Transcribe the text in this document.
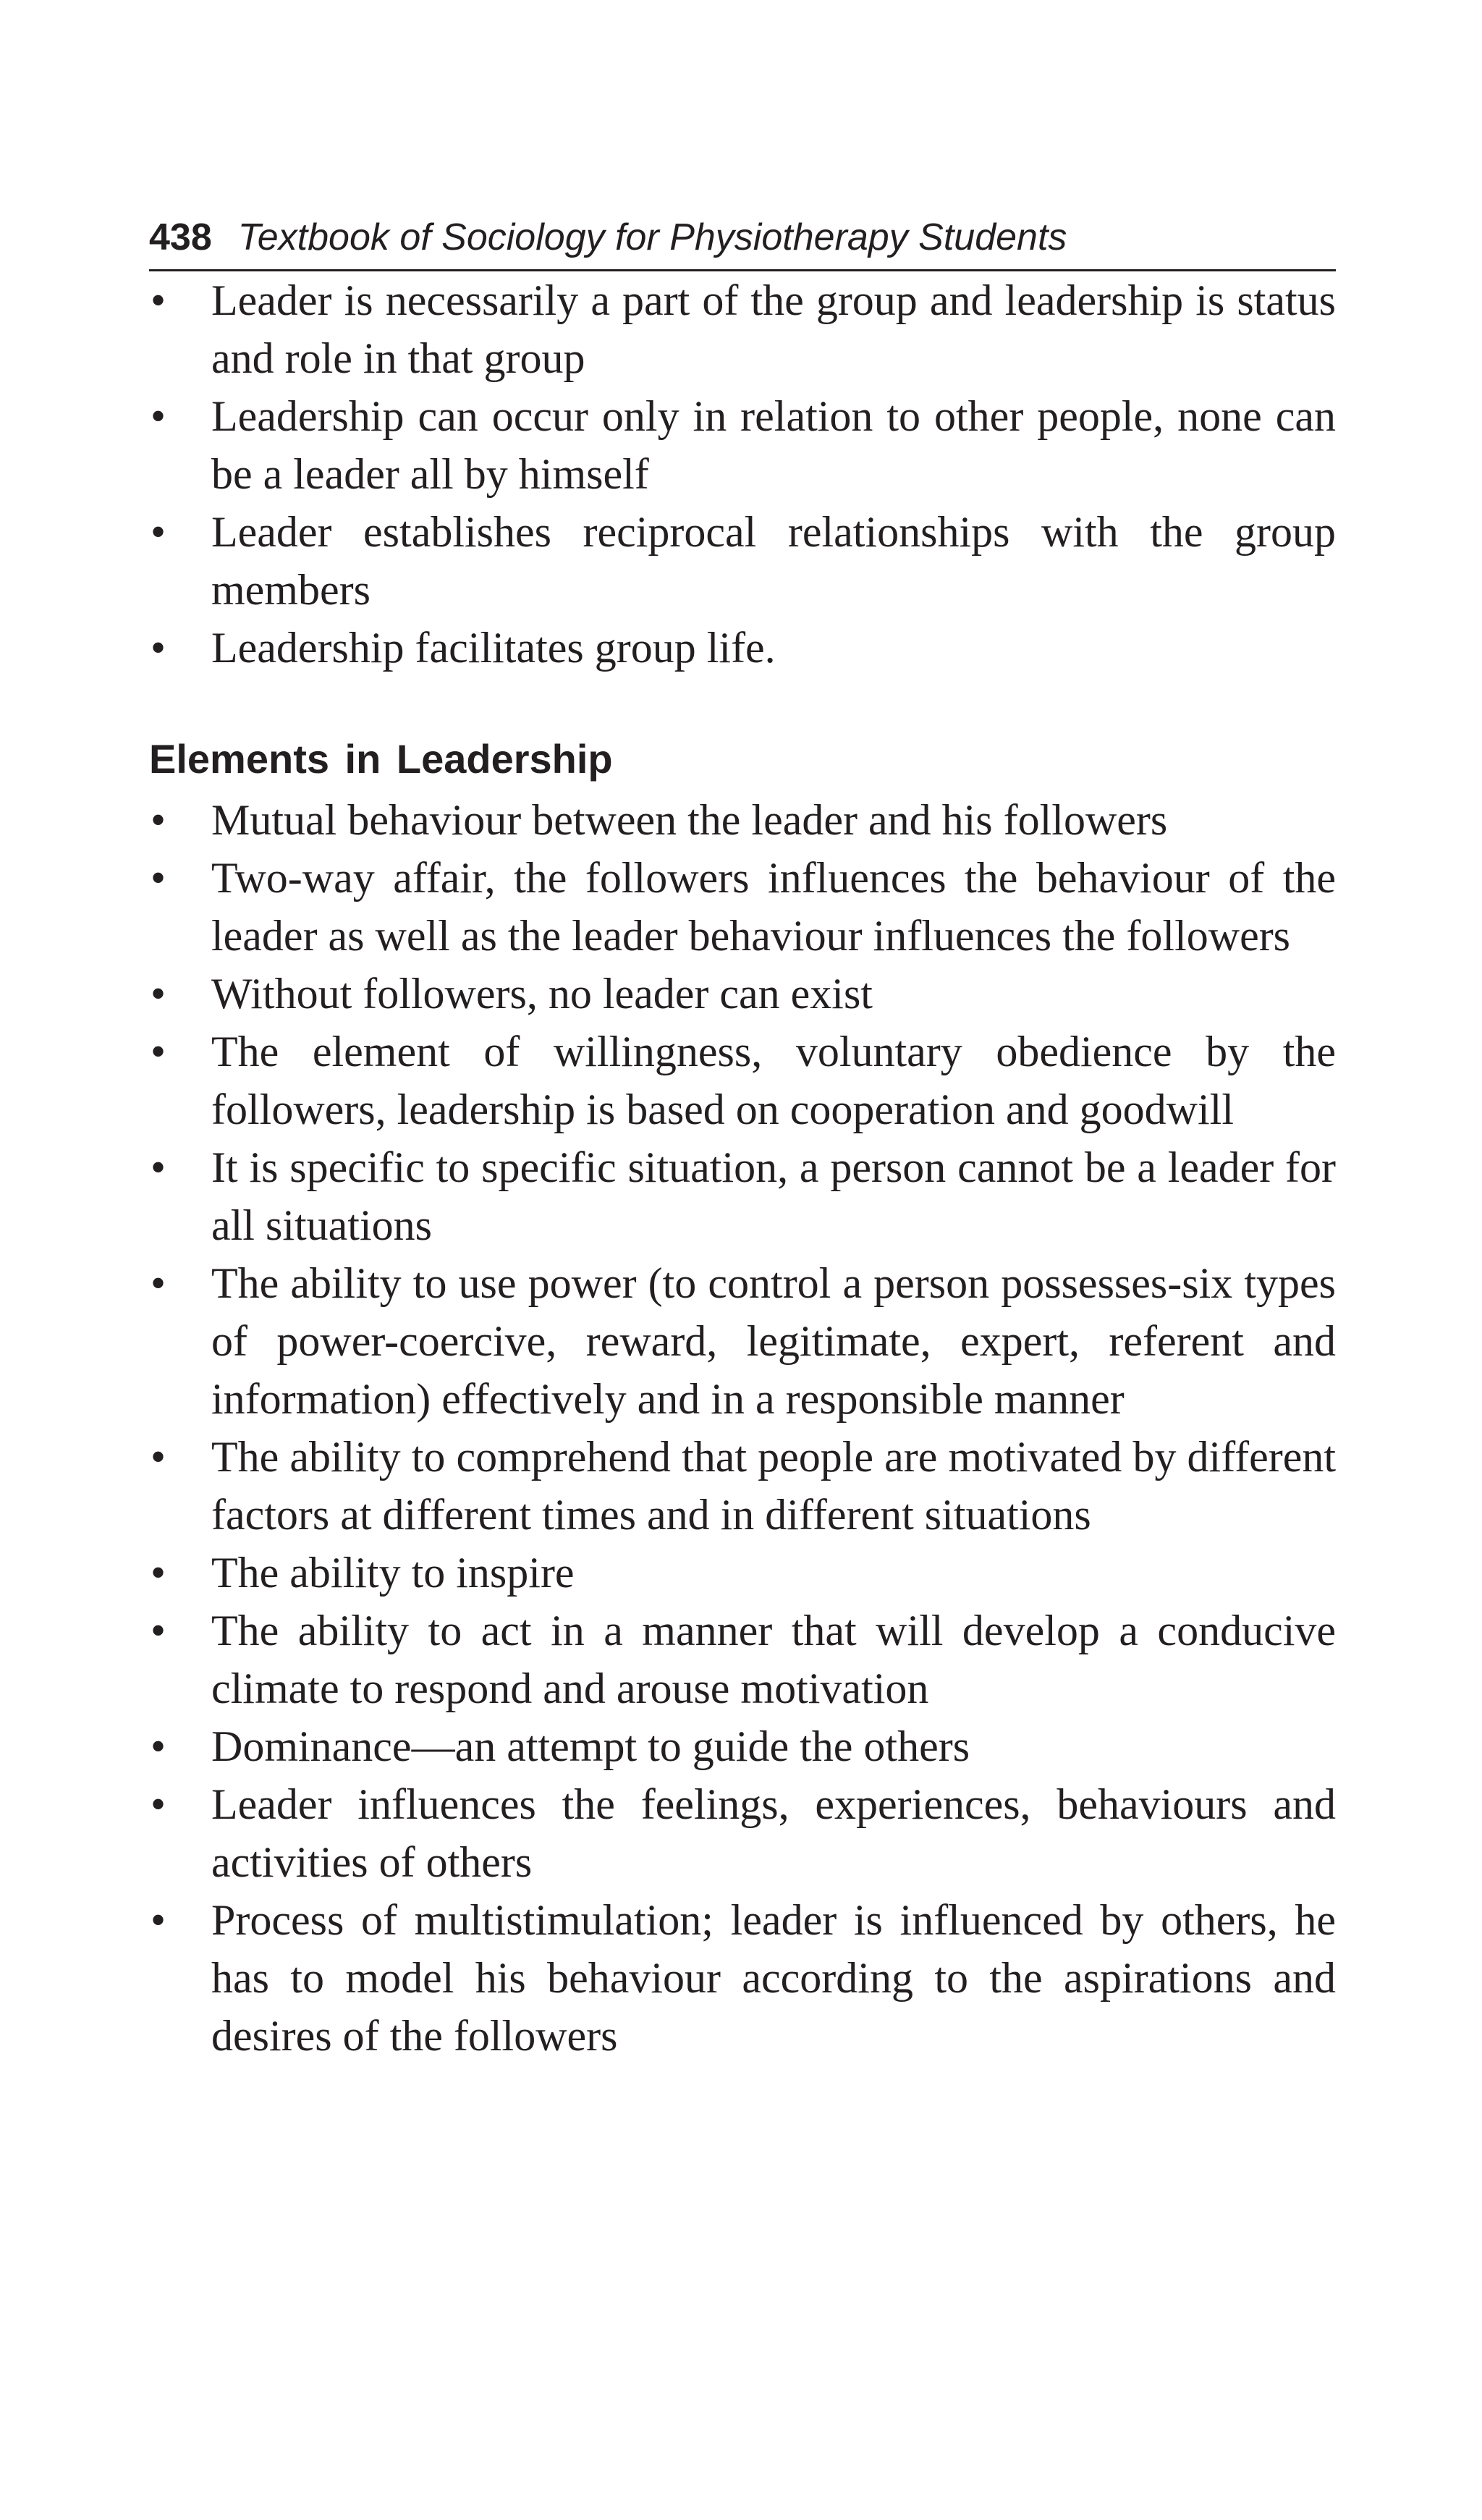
438 Textbook of Sociology for Physiotherapy Students
•	Leader is necessarily a part of the group and leadership is status and role in that group
•	Leadership can occur only in relation to other people, none can be a leader all by himself
•	Leader establishes reciprocal relationships with the group members
•	Leadership facilitates group life.
Elements in Leadership
•	Mutual behaviour between the leader and his followers
•	Two-way affair, the followers influences the behaviour of the leader as well as the leader behaviour influences the followers
•	Without followers, no leader can exist
•	The element of willingness, voluntary obedience by the followers, leadership is based on cooperation and goodwill
•	It is specific to specific situation, a person cannot be a leader for all situations
•	The ability to use power (to control a person possesses-six types of power-coercive, reward, legitimate, expert, referent and information) effectively and in a responsible manner
•	The ability to comprehend that people are motivated by different factors at different times and in different situations
•	The ability to inspire
•	The ability to act in a manner that will develop a conducive climate to respond and arouse motivation
•	Dominance—an attempt to guide the others
•	Leader influences the feelings, experiences, behaviours and activities of others
•	Process of multistimulation; leader is influenced by others, he has to model his behaviour according to the aspirations and desires of the followers
